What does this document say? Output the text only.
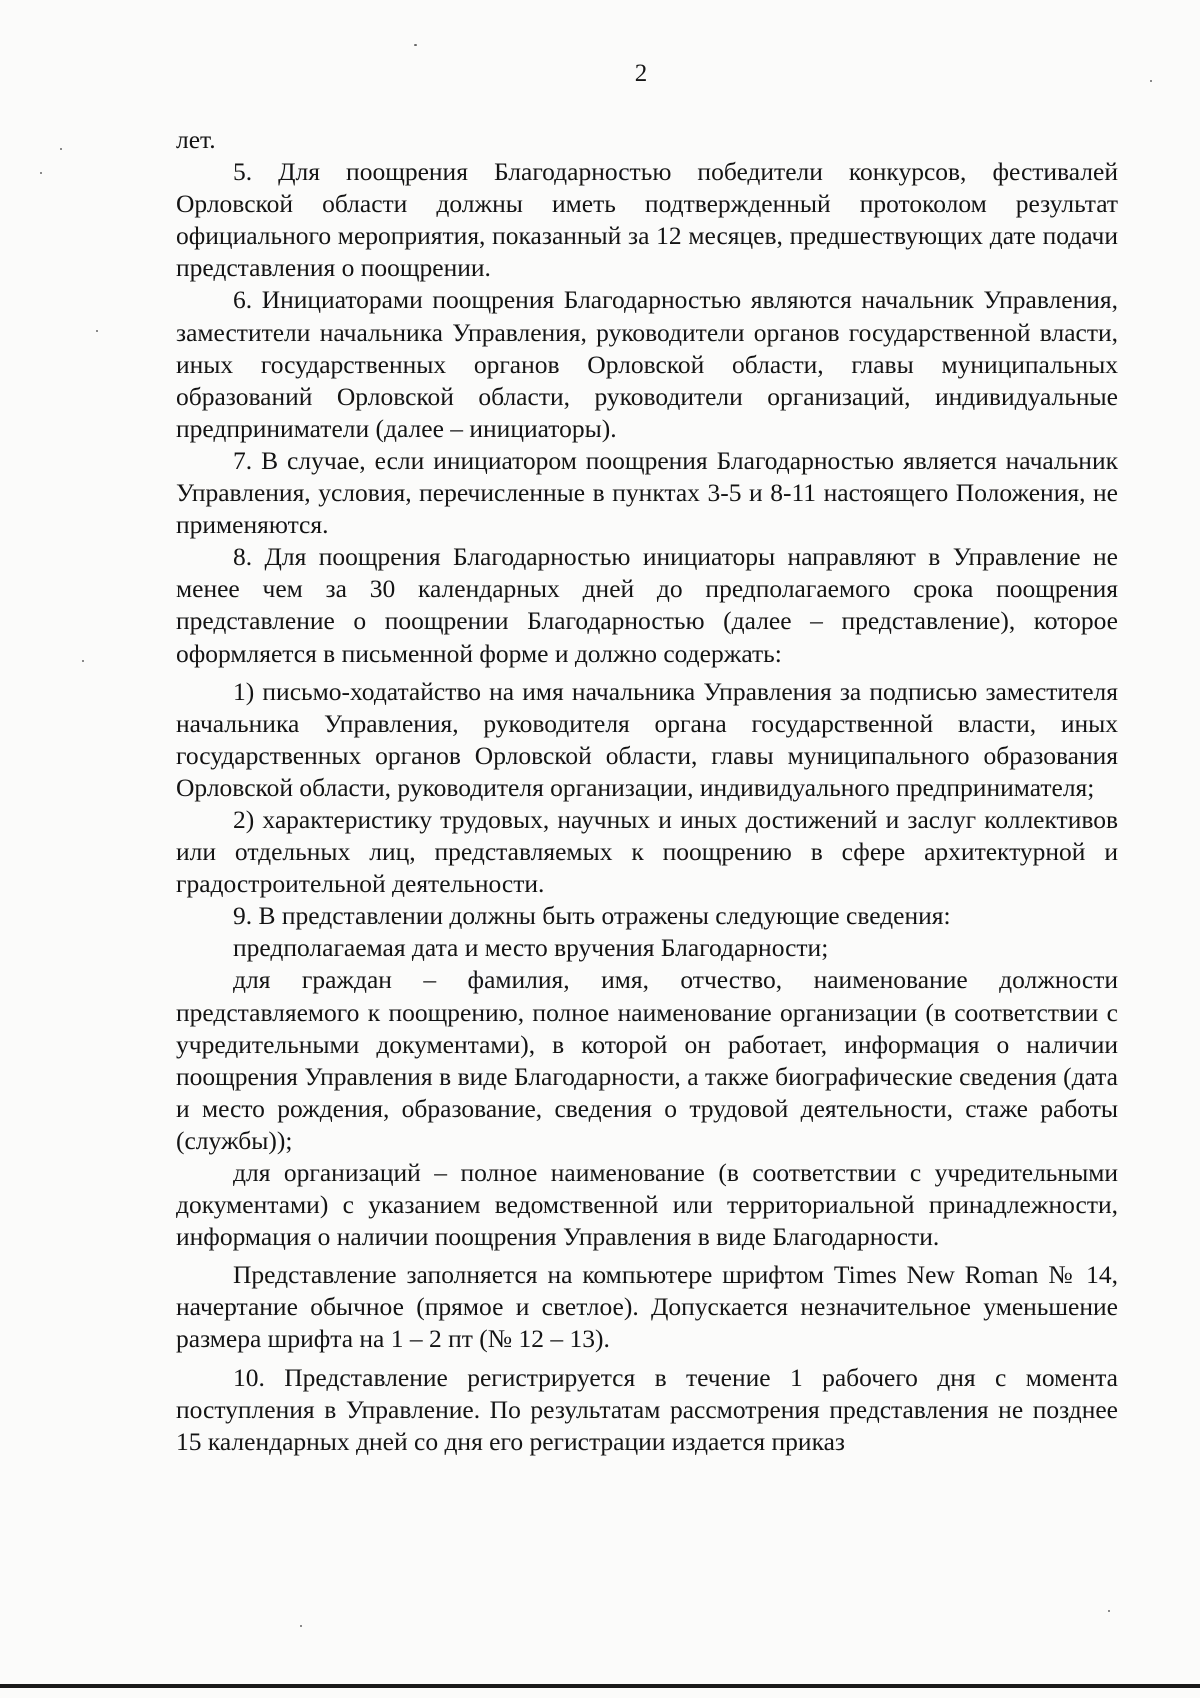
2

лет.

5. Для поощрения Благодарностью победители конкурсов, фестивалей Орловской области должны иметь подтвержденный протоколом результат официального мероприятия, показанный за 12 месяцев, предшествующих дате подачи представления о поощрении.

6. Инициаторами поощрения Благодарностью являются начальник Управления, заместители начальника Управления, руководители органов государственной власти, иных государственных органов Орловской области, главы муниципальных образований Орловской области, руководители организаций, индивидуальные предприниматели (далее – инициаторы).

7. В случае, если инициатором поощрения Благодарностью является начальник Управления, условия, перечисленные в пунктах 3-5 и 8-11 настоящего Положения, не применяются.

8. Для поощрения Благодарностью инициаторы направляют в Управление не менее чем за 30 календарных дней до предполагаемого срока поощрения представление о поощрении Благодарностью (далее – представление), которое оформляется в письменной форме и должно содержать:

1) письмо-ходатайство на имя начальника Управления за подписью заместителя начальника Управления, руководителя органа государственной власти, иных государственных органов Орловской области, главы муниципального образования Орловской области, руководителя организации, индивидуального предпринимателя;

2) характеристику трудовых, научных и иных достижений и заслуг коллективов или отдельных лиц, представляемых к поощрению в сфере архитектурной и градостроительной деятельности.

9. В представлении должны быть отражены следующие сведения:

предполагаемая дата и место вручения Благодарности;

для граждан – фамилия, имя, отчество, наименование должности представляемого к поощрению, полное наименование организации (в соответствии с учредительными документами), в которой он работает, информация о наличии поощрения Управления в виде Благодарности, а также биографические сведения (дата и место рождения, образование, сведения о трудовой деятельности, стаже работы (службы));

для организаций – полное наименование (в соответствии с учредительными документами) с указанием ведомственной или территориальной принадлежности, информация о наличии поощрения Управления в виде Благодарности.

Представление заполняется на компьютере шрифтом Times New Roman № 14, начертание обычное (прямое и светлое). Допускается незначительное уменьшение размера шрифта на 1 – 2 пт (№ 12 – 13).

10. Представление регистрируется в течение 1 рабочего дня с момента поступления в Управление. По результатам рассмотрения представления не позднее 15 календарных дней со дня его регистрации издается приказ
